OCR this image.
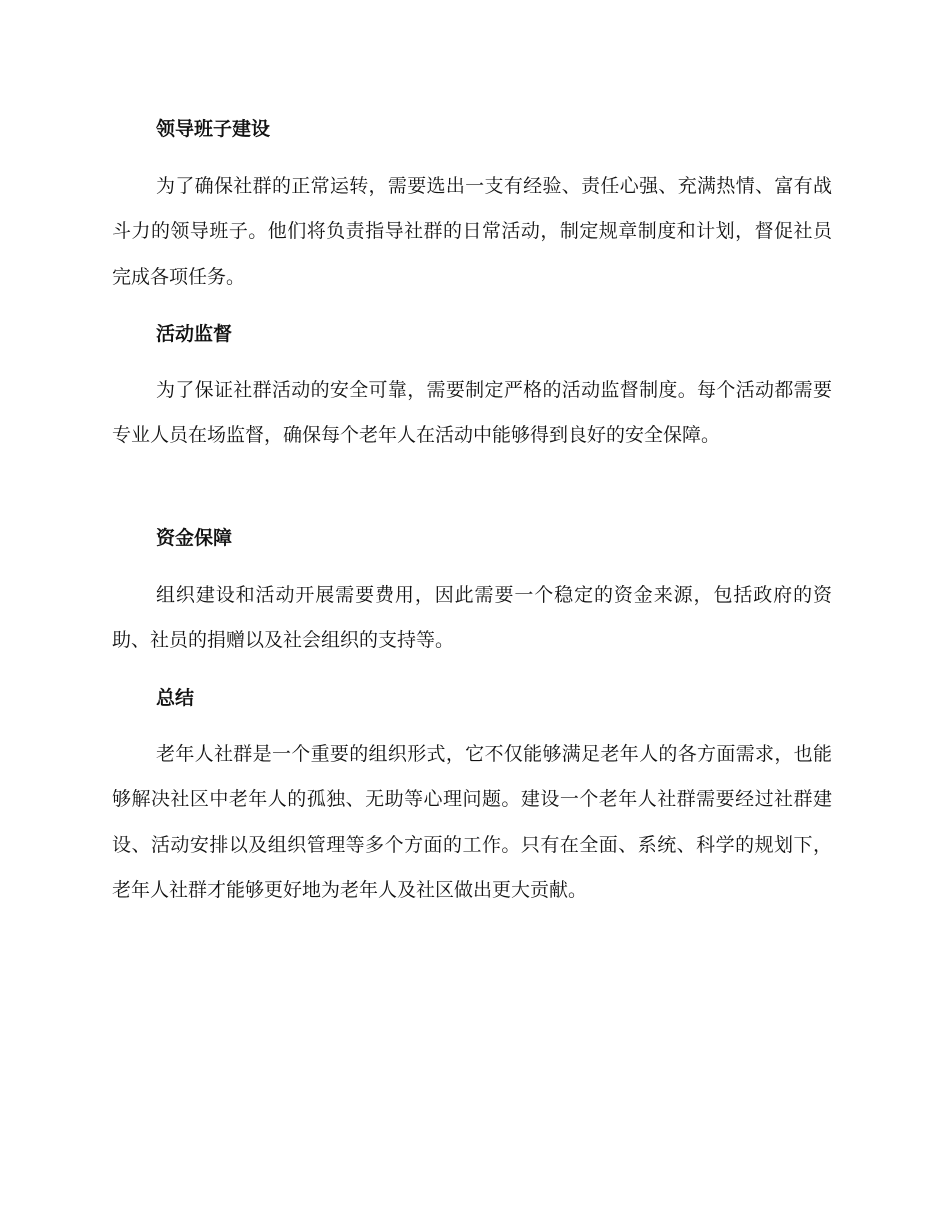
领导班子建设

为了确保社群的正常运转，需要选出一支有经验、责任心强、充满热情、富有战斗力的领导班子。他们将负责指导社群的日常活动，制定规章制度和计划，督促社员完成各项任务。

活动监督

为了保证社群活动的安全可靠，需要制定严格的活动监督制度。每个活动都需要专业人员在场监督，确保每个老年人在活动中能够得到良好的安全保障。

资金保障

组织建设和活动开展需要费用，因此需要一个稳定的资金来源，包括政府的资助、社员的捐赠以及社会组织的支持等。

总结

老年人社群是一个重要的组织形式，它不仅能够满足老年人的各方面需求，也能够解决社区中老年人的孤独、无助等心理问题。建设一个老年人社群需要经过社群建设、活动安排以及组织管理等多个方面的工作。只有在全面、系统、科学的规划下，老年人社群才能够更好地为老年人及社区做出更大贡献。
